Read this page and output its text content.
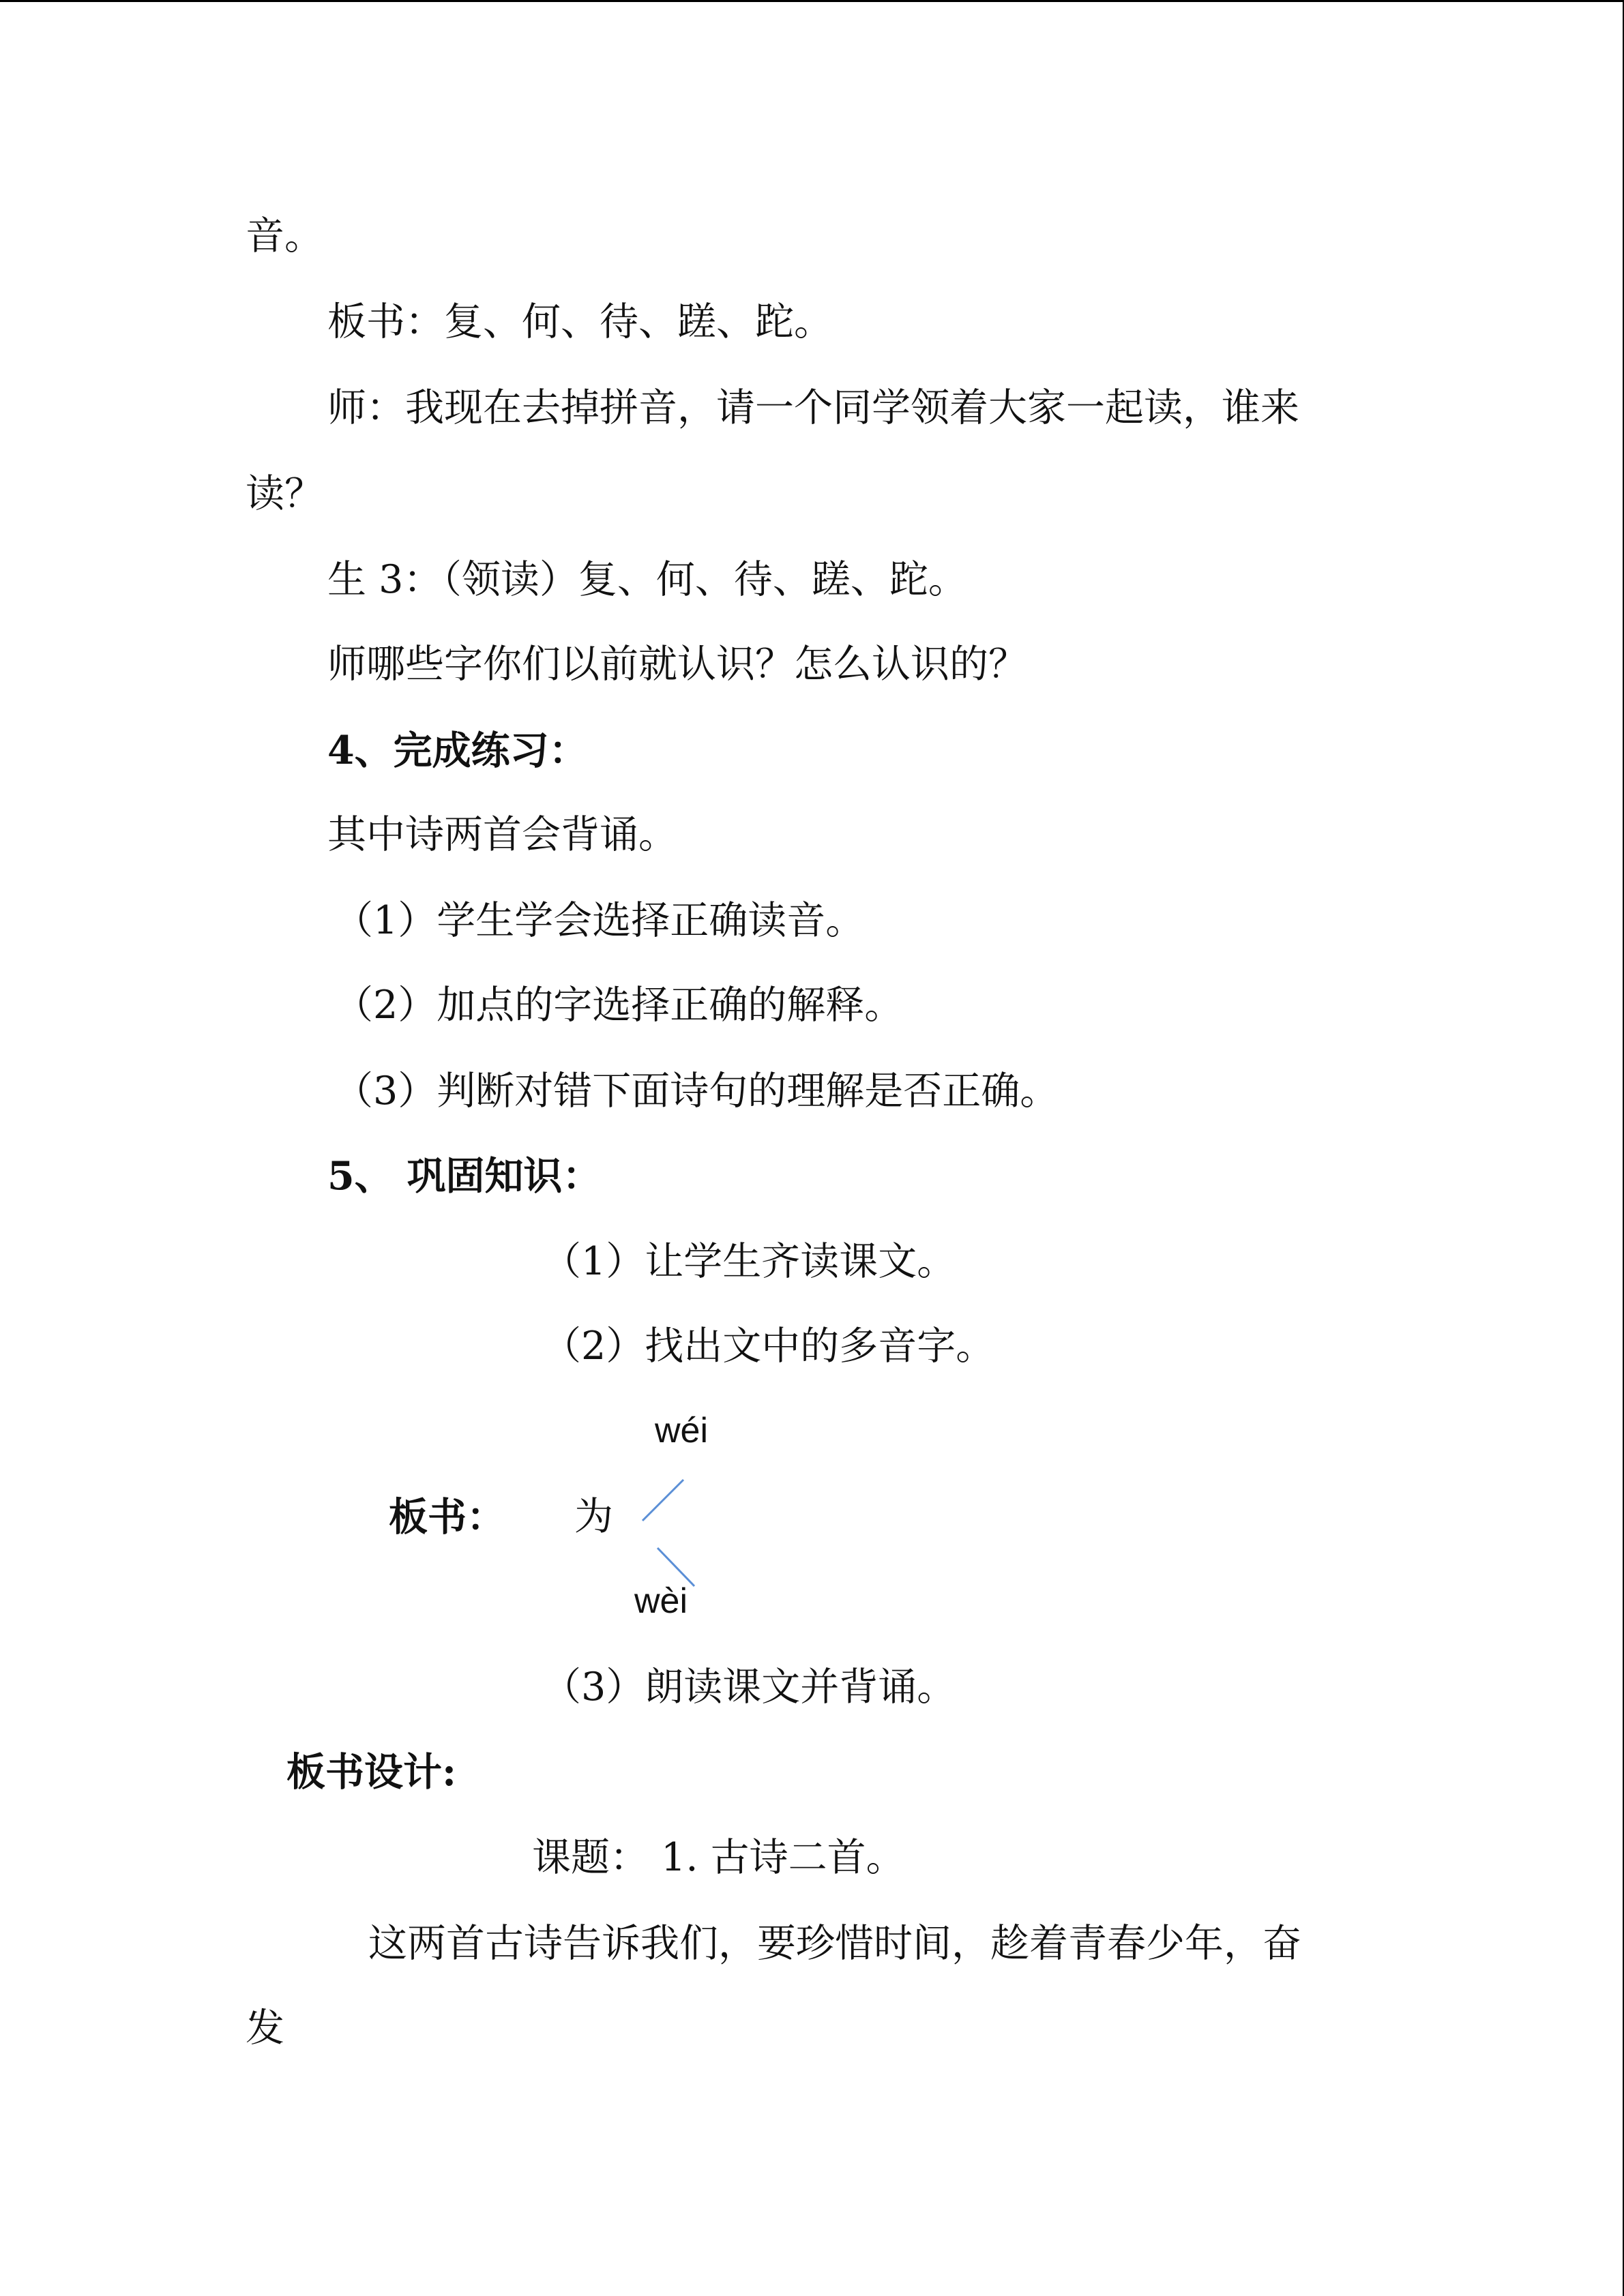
音。
板书：复、何、待、蹉、跎。
师：我现在去掉拼音，请一个同学领着大家一起读，谁来
读？
生 3：（领读）复、何、待、蹉、跎。
师哪些字你们以前就认识？怎么认识的？
4、完成练习：
其中诗两首会背诵。
（1）学生学会选择正确读音。
（2）加点的字选择正确的解释。
（3）判断对错下面诗句的理解是否正确。
5、 巩固知识：
（1）让学生齐读课文。
（2）找出文中的多音字。
wéi
板书： 为
wèi
（3）朗读课文并背诵。
板书设计:
课题： 1. 古诗二首。
这两首古诗告诉我们，要珍惜时间，趁着青春少年，奋
发
